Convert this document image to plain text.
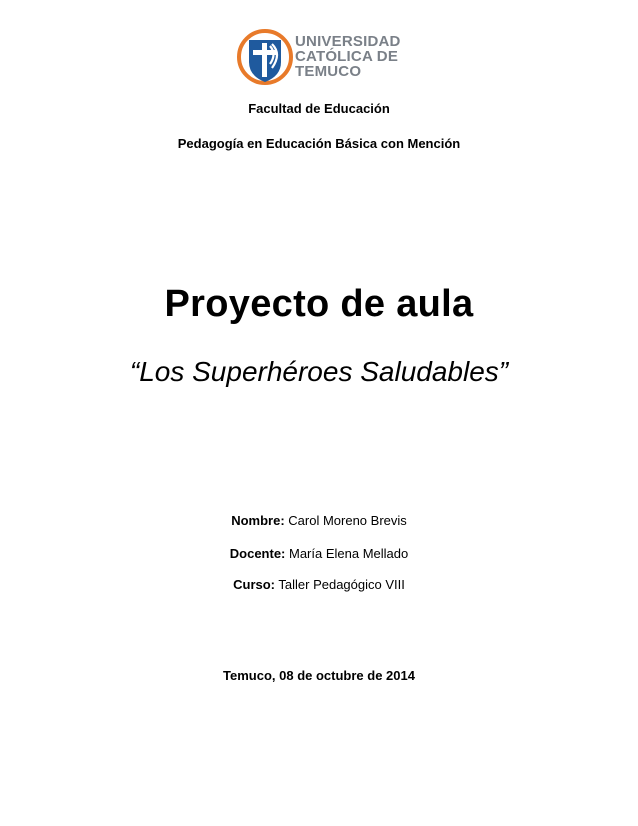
UNIVERSIDAD
CATÓLICA DE
TEMUCO
Facultad de Educación
Pedagogía en Educación Básica con Mención
Proyecto de aula
“Los Superhéroes Saludables”
Nombre: Carol Moreno Brevis
Docente: María Elena Mellado
Curso: Taller Pedagógico VIII
Temuco, 08 de octubre de 2014
